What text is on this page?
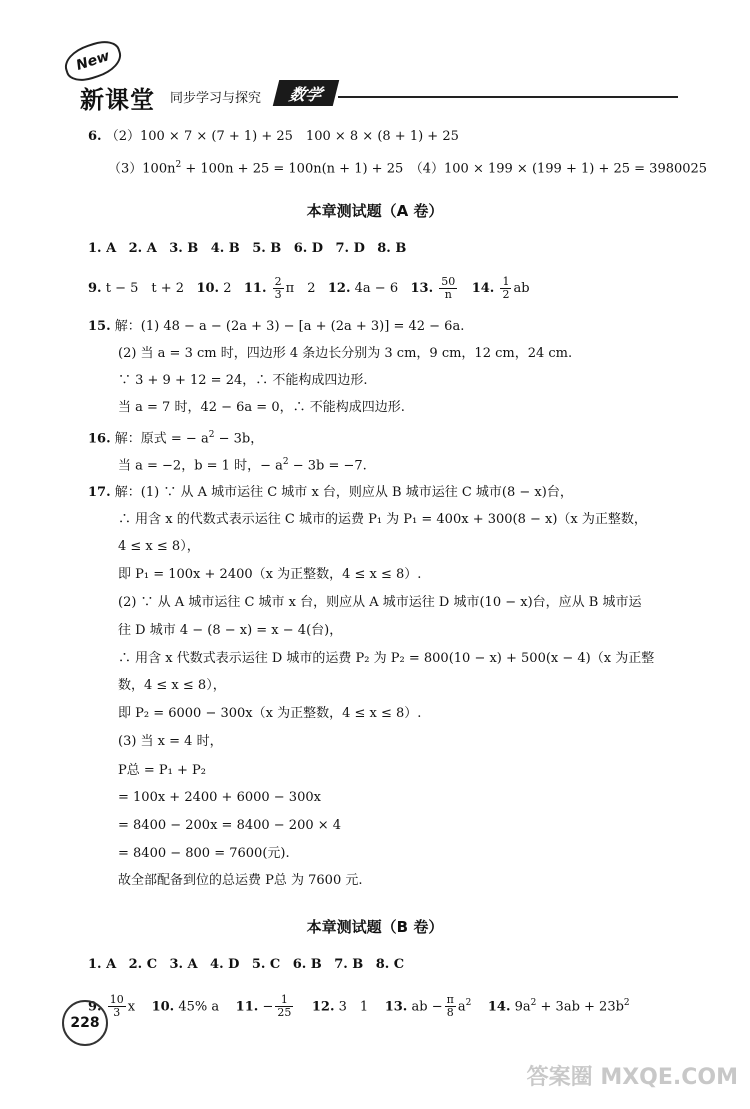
New
新课堂 同步学习与探究	数学
6. （2）100 × 7 × (7 + 1) + 25　100 × 8 × (8 + 1) + 25
$(3)100n^2 + 100n + 25 = 100n(n + 1) + 25$　（4）100 × 199 × (199 + 1) + 25 = 3980025
本章测试题（A 卷）
1. A 2. A 3. B 4. B 5. B 6. D 7. D 8. B
9. t − 5　t + 2 10. 2 11. $\frac{2}{3}$ π　2 12. 4a − 6 13. $\frac{50}{n} 14$. $\frac{1}{2}$ ab
15. 解：(1) 48 − a − (2a + 3) − [a + (2a + 3)] = 42 − 6a.
(2) 当 a = 3 cm 时，四边形 4 条边长分别为 3 cm，9 cm，12 cm，24 cm.
∵ 3 + 9 + 12 = 24，∴ 不能构成四边形.
当 a = 7 时，42 − 6a = 0，∴ 不能构成四边形.
16. 解：原式 = − $a^2 - 3b$，
当 a = −2，b = 1 时，− $a^2 - 3b = -7$.
17. 解：(1) ∵ 从 A 城市运往 C 城市 x 台，则应从 B 城市运往 C 城市(8 − x)台，
∴ 用含 x 的代数式表示运往 C 城市的运费 P₁ 为 P₁ = 400x + 300(8 − x)（x 为正整数，
4 ≤ x ≤ 8），
即 P₁ = 100x + 2400（x 为正整数，4 ≤ x ≤ 8）.
(2) ∵ 从 A 城市运往 C 城市 x 台，则应从 A 城市运往 D 城市(10 − x)台，应从 B 城市运
往 D 城市 4 − (8 − x) = x − 4(台)，
∴ 用含 x 代数式表示运往 D 城市的运费 P₂ 为 P₂ = 800(10 − x) + 500(x − 4)（x 为正整
数，4 ≤ x ≤ 8），
即 P₂ = 6000 − 300x（x 为正整数，4 ≤ x ≤ 8）.
(3) 当 x = 4 时，
P总 = P₁ + P₂
= 100x + 2400 + 6000 − 300x
= 8400 − 200x = 8400 − 200 × 4
= 8400 − 800 = 7600(元).
故全部配备到位的总运费 P总 为 7600 元.
本章测试题（B 卷）
1. A 2. C 3. A 4. D 5. C 6. B 7. B 8. C
9. $\frac{10}{3}$ x 10. 45% a 11. − $\frac{1}{25} 12$. 3　1 13. ab − $\frac{\pi}{8} a^2$ 14. $9a^2 + 3ab + 23b^2$
228
答案圈 MXQE.COM
